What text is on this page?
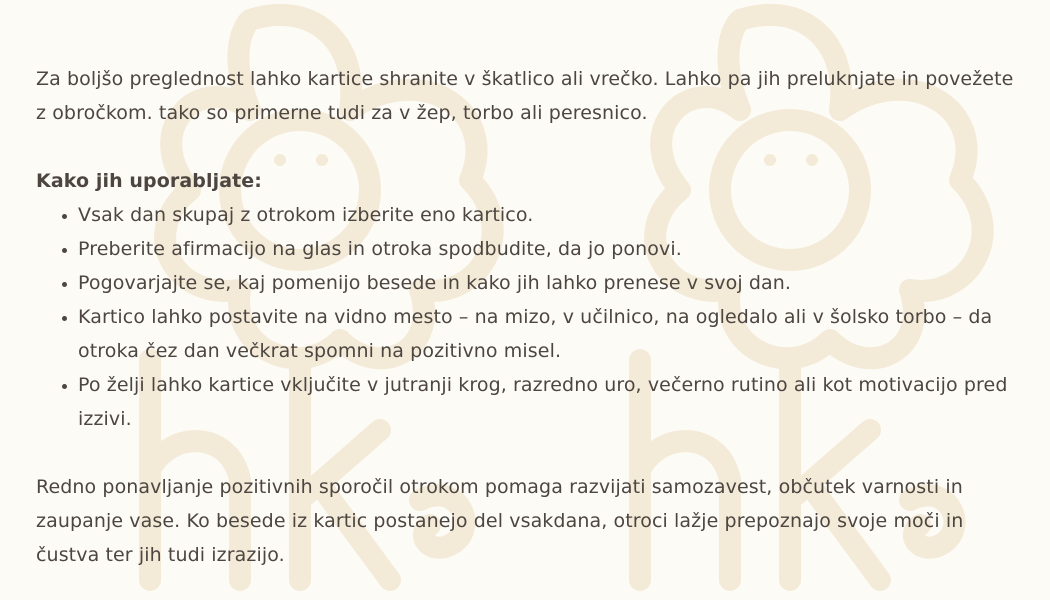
Za boljšo preglednost lahko kartice shranite v škatlico ali vrečko. Lahko pa jih preluknjate in povežete z obročkom. tako so primerne tudi za v žep, torbo ali peresnico.

Kako jih uporabljate:

• Vsak dan skupaj z otrokom izberite eno kartico.
• Preberite afirmacijo na glas in otroka spodbudite, da jo ponovi.
• Pogovarjajte se, kaj pomenijo besede in kako jih lahko prenese v svoj dan.
• Kartico lahko postavite na vidno mesto – na mizo, v učilnico, na ogledalo ali v šolsko torbo – da otroka čez dan večkrat spomni na pozitivno misel.
• Po želji lahko kartice vključite v jutranji krog, razredno uro, večerno rutino ali kot motivacijo pred izzivi.

Redno ponavljanje pozitivnih sporočil otrokom pomaga razvijati samozavest, občutek varnosti in zaupanje vase. Ko besede iz kartic postanejo del vsakdana, otroci lažje prepoznajo svoje moči in čustva ter jih tudi izrazijo.
